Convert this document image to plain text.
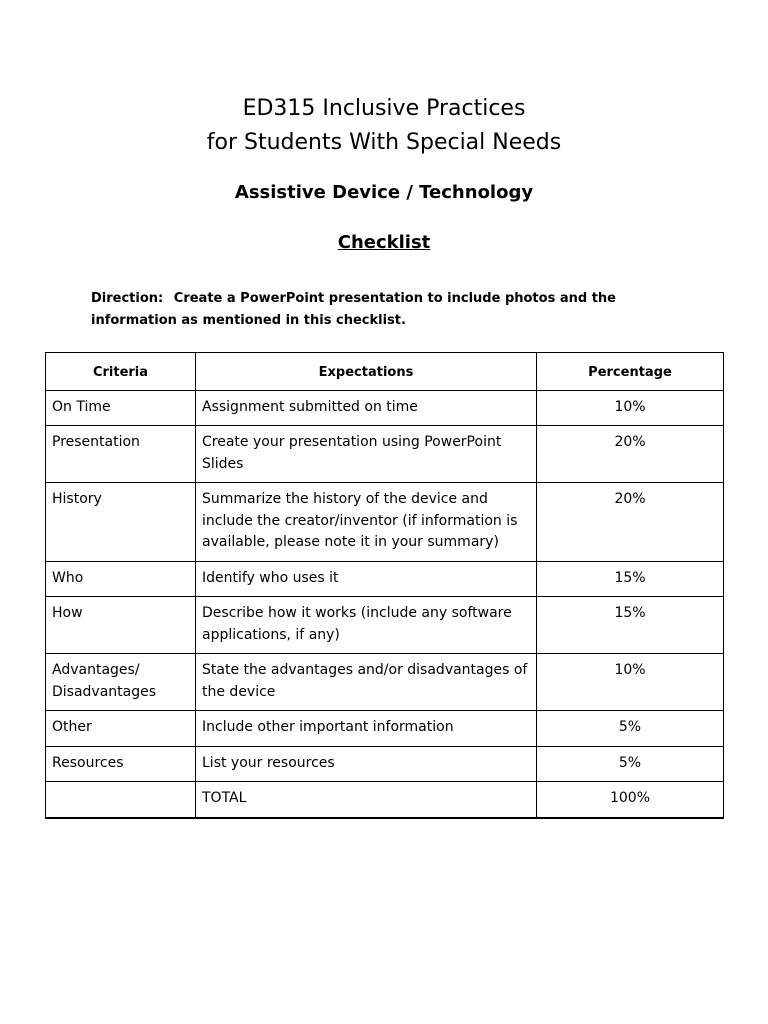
ED315 Inclusive Practices

for Students With Special Needs

Assistive Device / Technology

Checklist

Direction: Create a PowerPoint presentation to include photos and the information as mentioned in this checklist.

Criteria	Expectations	Percentage
On Time	Assignment submitted on time	10%
Presentation	Create your presentation using PowerPoint Slides	20%
History	Summarize the history of the device and include the creator/inventor (if information is available, please note it in your summary)	20%
Who	Identify who uses it	15%
How	Describe how it works (include any software applications, if any)	15%
Advantages/ Disadvantages	State the advantages and/or disadvantages of the device	10%
Other	Include other important information	5%
Resources	List your resources	5%
	TOTAL	100%
